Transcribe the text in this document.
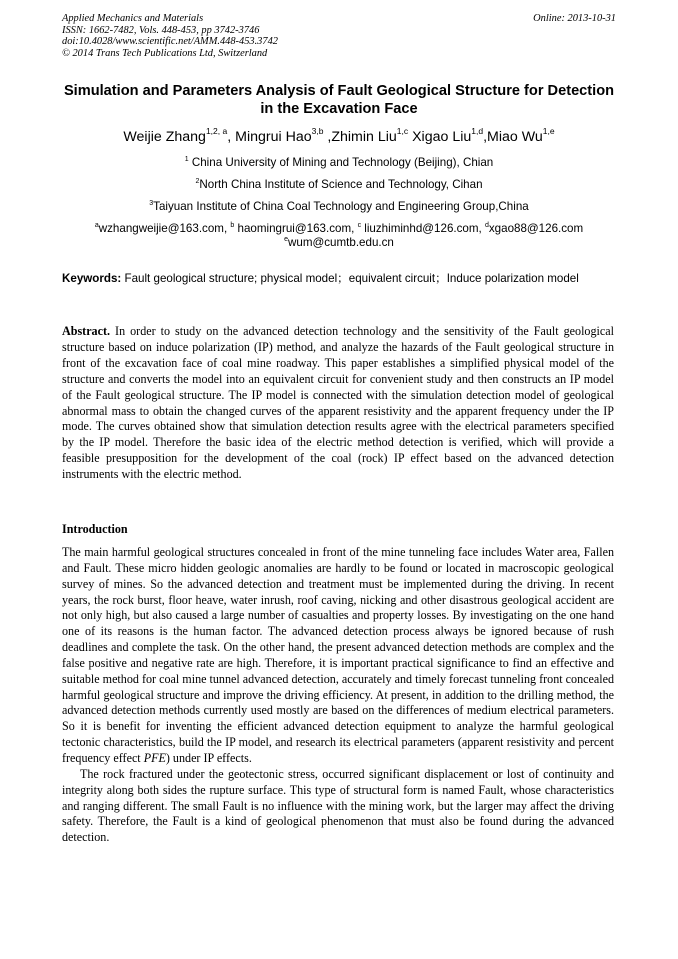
Applied Mechanics and Materials
ISSN: 1662-7482, Vols. 448-453, pp 3742-3746
doi:10.4028/www.scientific.net/AMM.448-453.3742
© 2014 Trans Tech Publications Ltd, Switzerland
Online: 2013-10-31
Simulation and Parameters Analysis of Fault Geological Structure for Detection in the Excavation Face
Weijie Zhang$^{1,2, a}$, Mingrui Hao$^{3,b}$ ,Zhimin Liu$^{1,c}$ Xigao Liu$^{1,d}$,Miao Wu$^{1,e}$
$^1$ China University of Mining and Technology (Beijing), Chian
$^2$North China Institute of Science and Technology, Cihan
$^3$Taiyuan Institute of China Coal Technology and Engineering Group,China
$^a$wzhangweijie@163.com, $^b$ haomingrui@163.com, $^c$ liuzhiminhd@126.com, $^d$xgao88@126.com
$^e$wum@cumtb.edu.cn
Keywords: Fault geological structure; physical model；equivalent circuit；Induce polarization model
Abstract. In order to study on the advanced detection technology and the sensitivity of the Fault geological structure based on induce polarization (IP) method, and analyze the hazards of the Fault geological structure in front of the excavation face of coal mine roadway. This paper establishes a simplified physical model of the structure and converts the model into an equivalent circuit for convenient study and then constructs an IP model of the Fault geological structure. The IP model is connected with the simulation detection model of geological abnormal mass to obtain the changed curves of the apparent resistivity and the apparent frequency under the IP mode. The curves obtained show that simulation detection results agree with the electrical parameters specified by the IP model. Therefore the basic idea of the electric method detection is verified, which will provide a feasible presupposition for the development of the coal (rock) IP effect based on the advanced detection instruments with the electric method.
Introduction

The main harmful geological structures concealed in front of the mine tunneling face includes Water area, Fallen and Fault. These micro hidden geologic anomalies are hardly to be found or located in macroscopic geological survey of mines. So the advanced detection and treatment must be implemented during the driving. In recent years, the rock burst, floor heave, water inrush, roof caving, nicking and other disastrous geological accident are not only high, but also caused a large number of casualties and property losses. By investigating on the one hand one of its reasons is the human factor. The advanced detection process always be ignored because of rush deadlines and complete the task. On the other hand, the present advanced detection methods are complex and the false positive and negative rate are high. Therefore, it is important practical significance to find an effective and suitable method for coal mine tunnel advanced detection, accurately and timely forecast tunneling front concealed harmful geological structure and improve the driving efficiency. At present, in addition to the drilling method, the advanced detection methods currently used mostly are based on the differences of medium electrical parameters. So it is benefit for inventing the efficient advanced detection equipment to analyze the harmful geological tectonic characteristics, build the IP model, and research its electrical parameters (apparent resistivity and percent frequency effect PFE) under IP effects.

The rock fractured under the geotectonic stress, occurred significant displacement or lost of continuity and integrity along both sides the rupture surface. This type of structural form is named Fault, whose characteristics and ranging different. The small Fault is no influence with the mining work, but the larger may affect the driving safety. Therefore, the Fault is a kind of geological phenomenon that must also be found during the advanced detection.
